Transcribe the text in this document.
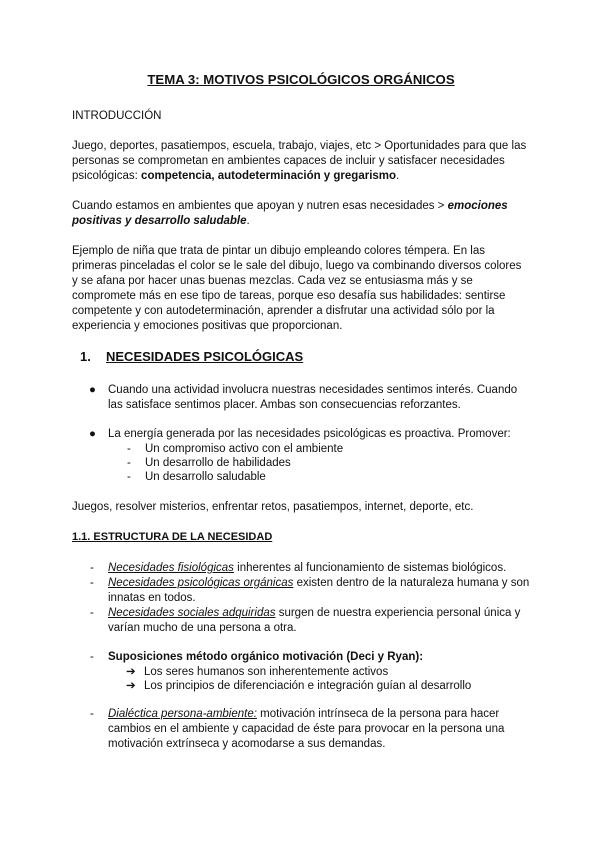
TEMA 3: MOTIVOS PSICOLÓGICOS ORGÁNICOS

INTRODUCCIÓN

Juego, deportes, pasatiempos, escuela, trabajo, viajes, etc > Oportunidades para que las personas se comprometan en ambientes capaces de incluir y satisfacer necesidades psicológicas: competencia, autodeterminación y gregarismo.

Cuando estamos en ambientes que apoyan y nutren esas necesidades > emociones positivas y desarrollo saludable.

Ejemplo de niña que trata de pintar un dibujo empleando colores témpera. En las primeras pinceladas el color se le sale del dibujo, luego va combinando diversos colores y se afana por hacer unas buenas mezclas. Cada vez se entusiasma más y se compromete más en ese tipo de tareas, porque eso desafía sus habilidades: sentirse competente y con autodeterminación, aprender a disfrutar una actividad sólo por la experiencia y emociones positivas que proporcionan.

1. NECESIDADES PSICOLÓGICAS
● Cuando una actividad involucra nuestras necesidades sentimos interés. Cuando las satisface sentimos placer. Ambas son consecuencias reforzantes.
● La energía generada por las necesidades psicológicas es proactiva. Promover:
- Un compromiso activo con el ambiente
- Un desarrollo de habilidades
- Un desarrollo saludable

Juegos, resolver misterios, enfrentar retos, pasatiempos, internet, deporte, etc.

1.1. ESTRUCTURA DE LA NECESIDAD
- Necesidades fisiológicas inherentes al funcionamiento de sistemas biológicos.
- Necesidades psicológicas orgánicas existen dentro de la naturaleza humana y son innatas en todos.
- Necesidades sociales adquiridas surgen de nuestra experiencia personal única y varían mucho de una persona a otra.
- Suposiciones método orgánico motivación (Deci y Ryan):
➔ Los seres humanos son inherentemente activos
➔ Los principios de diferenciación e integración guían al desarrollo
- Dialéctica persona-ambiente: motivación intrínseca de la persona para hacer cambios en el ambiente y capacidad de éste para provocar en la persona una motivación extrínseca y acomodarse a sus demandas.
